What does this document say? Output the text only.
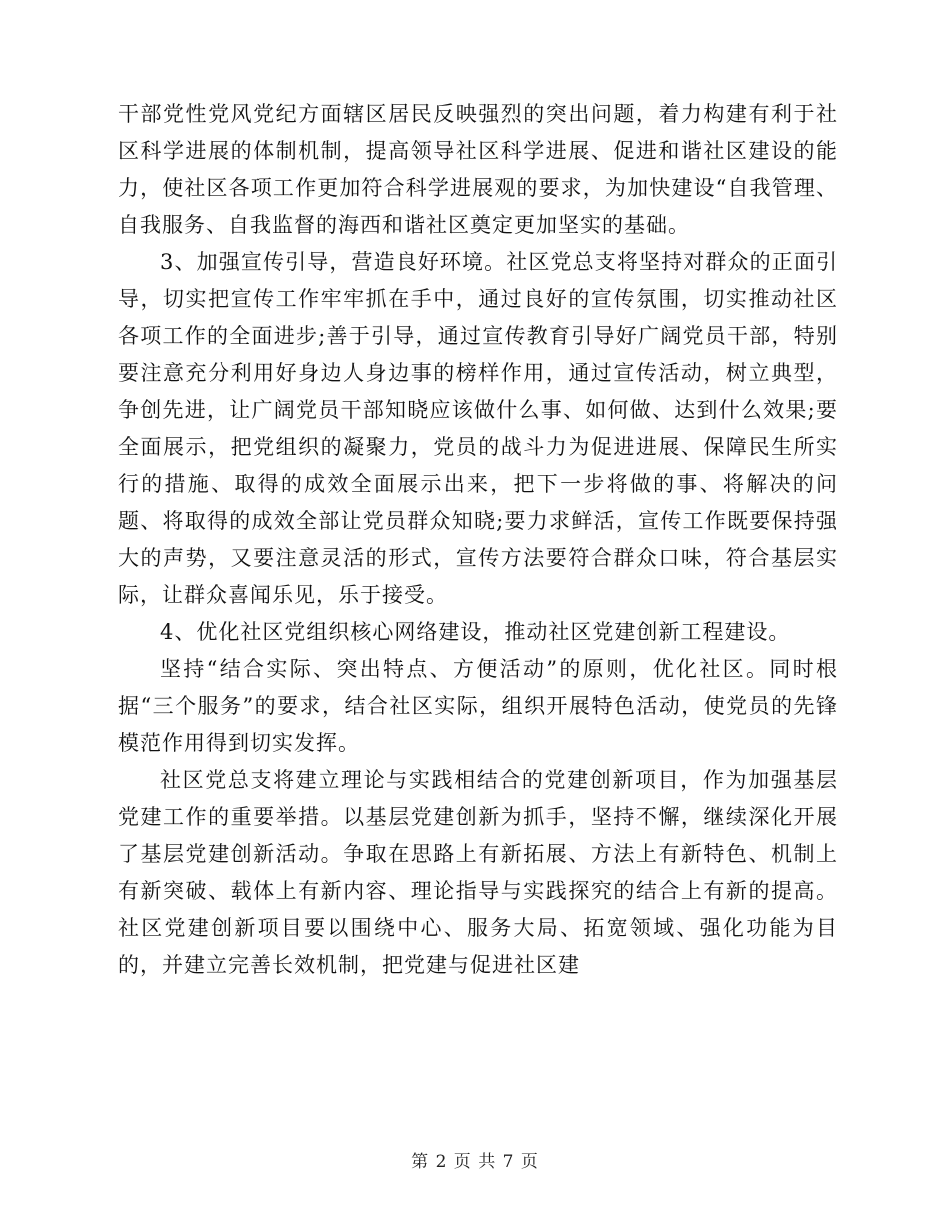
干部党性党风党纪方面辖区居民反映强烈的突出问题，着力构建有利于社区科学进展的体制机制，提高领导社区科学进展、促进和谐社区建设的能力，使社区各项工作更加符合科学进展观的要求，为加快建设“自我管理、自我服务、自我监督的海西和谐社区奠定更加坚实的基础。

3、加强宣传引导，营造良好环境。社区党总支将坚持对群众的正面引导，切实把宣传工作牢牢抓在手中，通过良好的宣传氛围，切实推动社区各项工作的全面进步;善于引导，通过宣传教育引导好广阔党员干部，特别要注意充分利用好身边人身边事的榜样作用，通过宣传活动，树立典型，争创先进，让广阔党员干部知晓应该做什么事、如何做、达到什么效果;要全面展示，把党组织的凝聚力，党员的战斗力为促进进展、保障民生所实行的措施、取得的成效全面展示出来，把下一步将做的事、将解决的问题、将取得的成效全部让党员群众知晓;要力求鲜活，宣传工作既要保持强大的声势，又要注意灵活的形式，宣传方法要符合群众口味，符合基层实际，让群众喜闻乐见，乐于接受。

4、优化社区党组织核心网络建设，推动社区党建创新工程建设。

坚持“结合实际、突出特点、方便活动”的原则，优化社区。同时根据“三个服务”的要求，结合社区实际，组织开展特色活动，使党员的先锋模范作用得到切实发挥。

社区党总支将建立理论与实践相结合的党建创新项目，作为加强基层党建工作的重要举措。以基层党建创新为抓手，坚持不懈，继续深化开展了基层党建创新活动。争取在思路上有新拓展、方法上有新特色、机制上有新突破、载体上有新内容、理论指导与实践探究的结合上有新的提高。社区党建创新项目要以围绕中心、服务大局、拓宽领域、强化功能为目的，并建立完善长效机制，把党建与促进社区建

第 2 页 共 7 页
